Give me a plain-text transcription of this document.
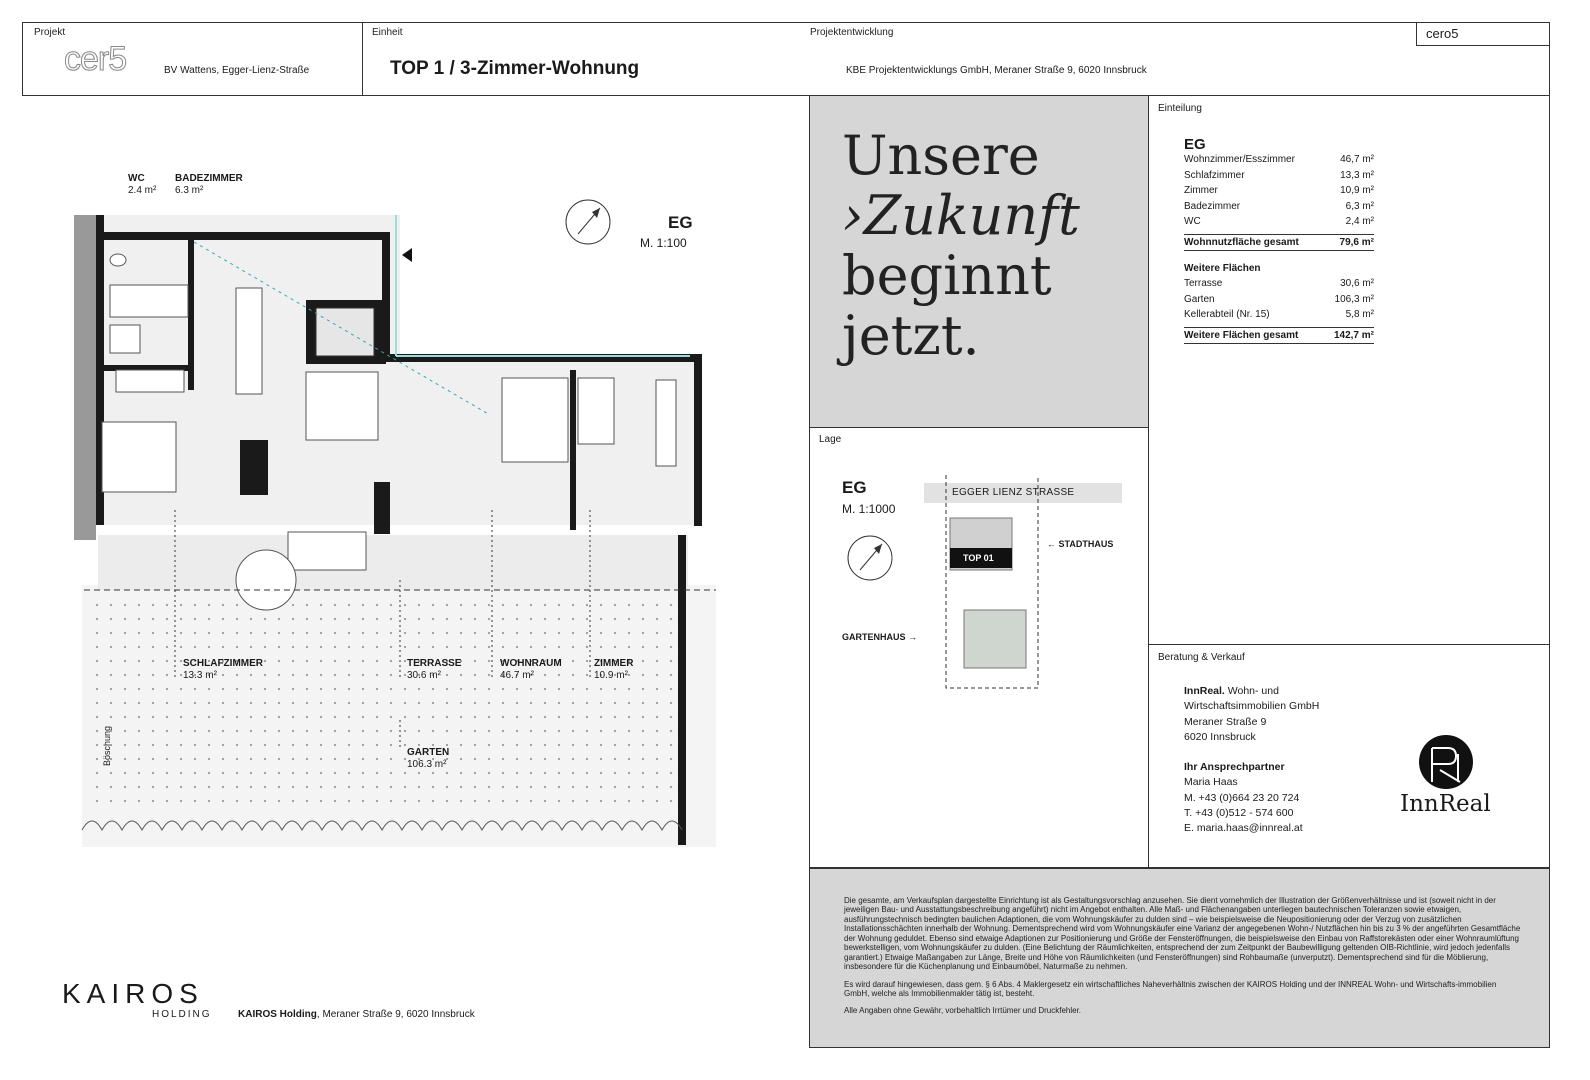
Projekt
cer5	BV Wattens, Egger-Lienz-Straße
Einheit
TOP 1 / 3-Zimmer-Wohnung
Projektentwicklung
KBE Projektentwicklungs GmbH, Meraner Straße 9, 6020 Innsbruck
cero5
EG
M. 1:100
WC
2.4 m²
BADEZIMMER
6.3 m²
SCHLAFZIMMER
13.3 m²
TERRASSE
30.6 m²
WOHNRAUM
46.7 m²
ZIMMER
10.9 m²
GARTEN
106.3 m²
Böschung
Unsere
›Zukunft
beginnt
jetzt.
Einteilung
EG
Wohnzimmer/Esszimmer	46,7 m²
Schlafzimmer	13,3 m²
Zimmer	10,9 m²
Badezimmer	6,3 m²
WC	2,4 m²
Wohnnutzfläche gesamt	79,6 m²
Weitere Flächen
Terrasse	30,6 m²
Garten	106,3 m²
Kellerabteil (Nr. 15)	5,8 m²
Weitere Flächen gesamt	142,7 m²
Lage
EG
M. 1:1000
EGGER LIENZ STRASSE
TOP 01
← STADTHAUS
GARTENHAUS →
Beratung & Verkauf
InnReal. Wohn- und
Wirtschaftsimmobilien GmbH
Meraner Straße 9
6020 Innsbruck
Ihr Ansprechpartner
Maria Haas
M. +43 (0)664 23 20 724
T. +43 (0)512 - 574 600
E. maria.haas@innreal.at
InnReal

Die gesamte, am Verkaufsplan dargestellte Einrichtung ist als Gestaltungsvorschlag anzusehen. Sie dient vornehmlich der Illustration der Größenverhältnisse und ist (soweit nicht in der jeweiligen Bau- und Ausstattungsbeschreibung angeführt) nicht im Angebot enthalten. Alle Maß- und Flächenangaben unterliegen bautechnischen Toleranzen sowie etwaigen, ausführungstechnisch bedingten baulichen Adaptionen, die vom Wohnungskäufer zu dulden sind – wie beispielsweise die Neupositionierung oder der Verzug von zusätzlichen Installationsschächten innerhalb der Wohnung. Dementsprechend wird vom Wohnungskäufer eine Varianz der angegebenen Wohn-/ Nutzflächen hin bis zu 3 % der angeführten Gesamtfläche der Wohnung geduldet. Ebenso sind etwaige Adaptionen zur Positionierung und Größe der Fensteröffnungen, die beispielsweise den Einbau von Raffstorekästen oder einer Wohnraumlüftung bewerkstelligen, vom Wohnungskäufer zu dulden. (Eine Belichtung der Räumlichkeiten, entsprechend der zum Zeitpunkt der Baubewilligung geltenden OIB-Richtlinie, wird jedoch jedenfalls garantiert.) Etwaige Maßangaben zur Länge, Breite und Höhe von Räumlichkeiten (und Fensteröffnungen) sind Rohbaumaße (unverputzt). Dementsprechend sind für die Möblierung, insbesondere für die Küchenplanung und Einbaumöbel, Naturmaße zu nehmen.

Es wird darauf hingewiesen, dass gem. § 6 Abs. 4 Maklergesetz ein wirtschaftliches Naheverhältnis zwischen der KAIROS Holding und der INNREAL Wohn- und Wirtschafts-immobilien GmbH, welche als Immobilienmakler tätig ist, besteht.

Alle Angaben ohne Gewähr, vorbehaltlich Irrtümer und Druckfehler.

KAIROS
HOLDING	KAIROS Holding, Meraner Straße 9, 6020 Innsbruck
